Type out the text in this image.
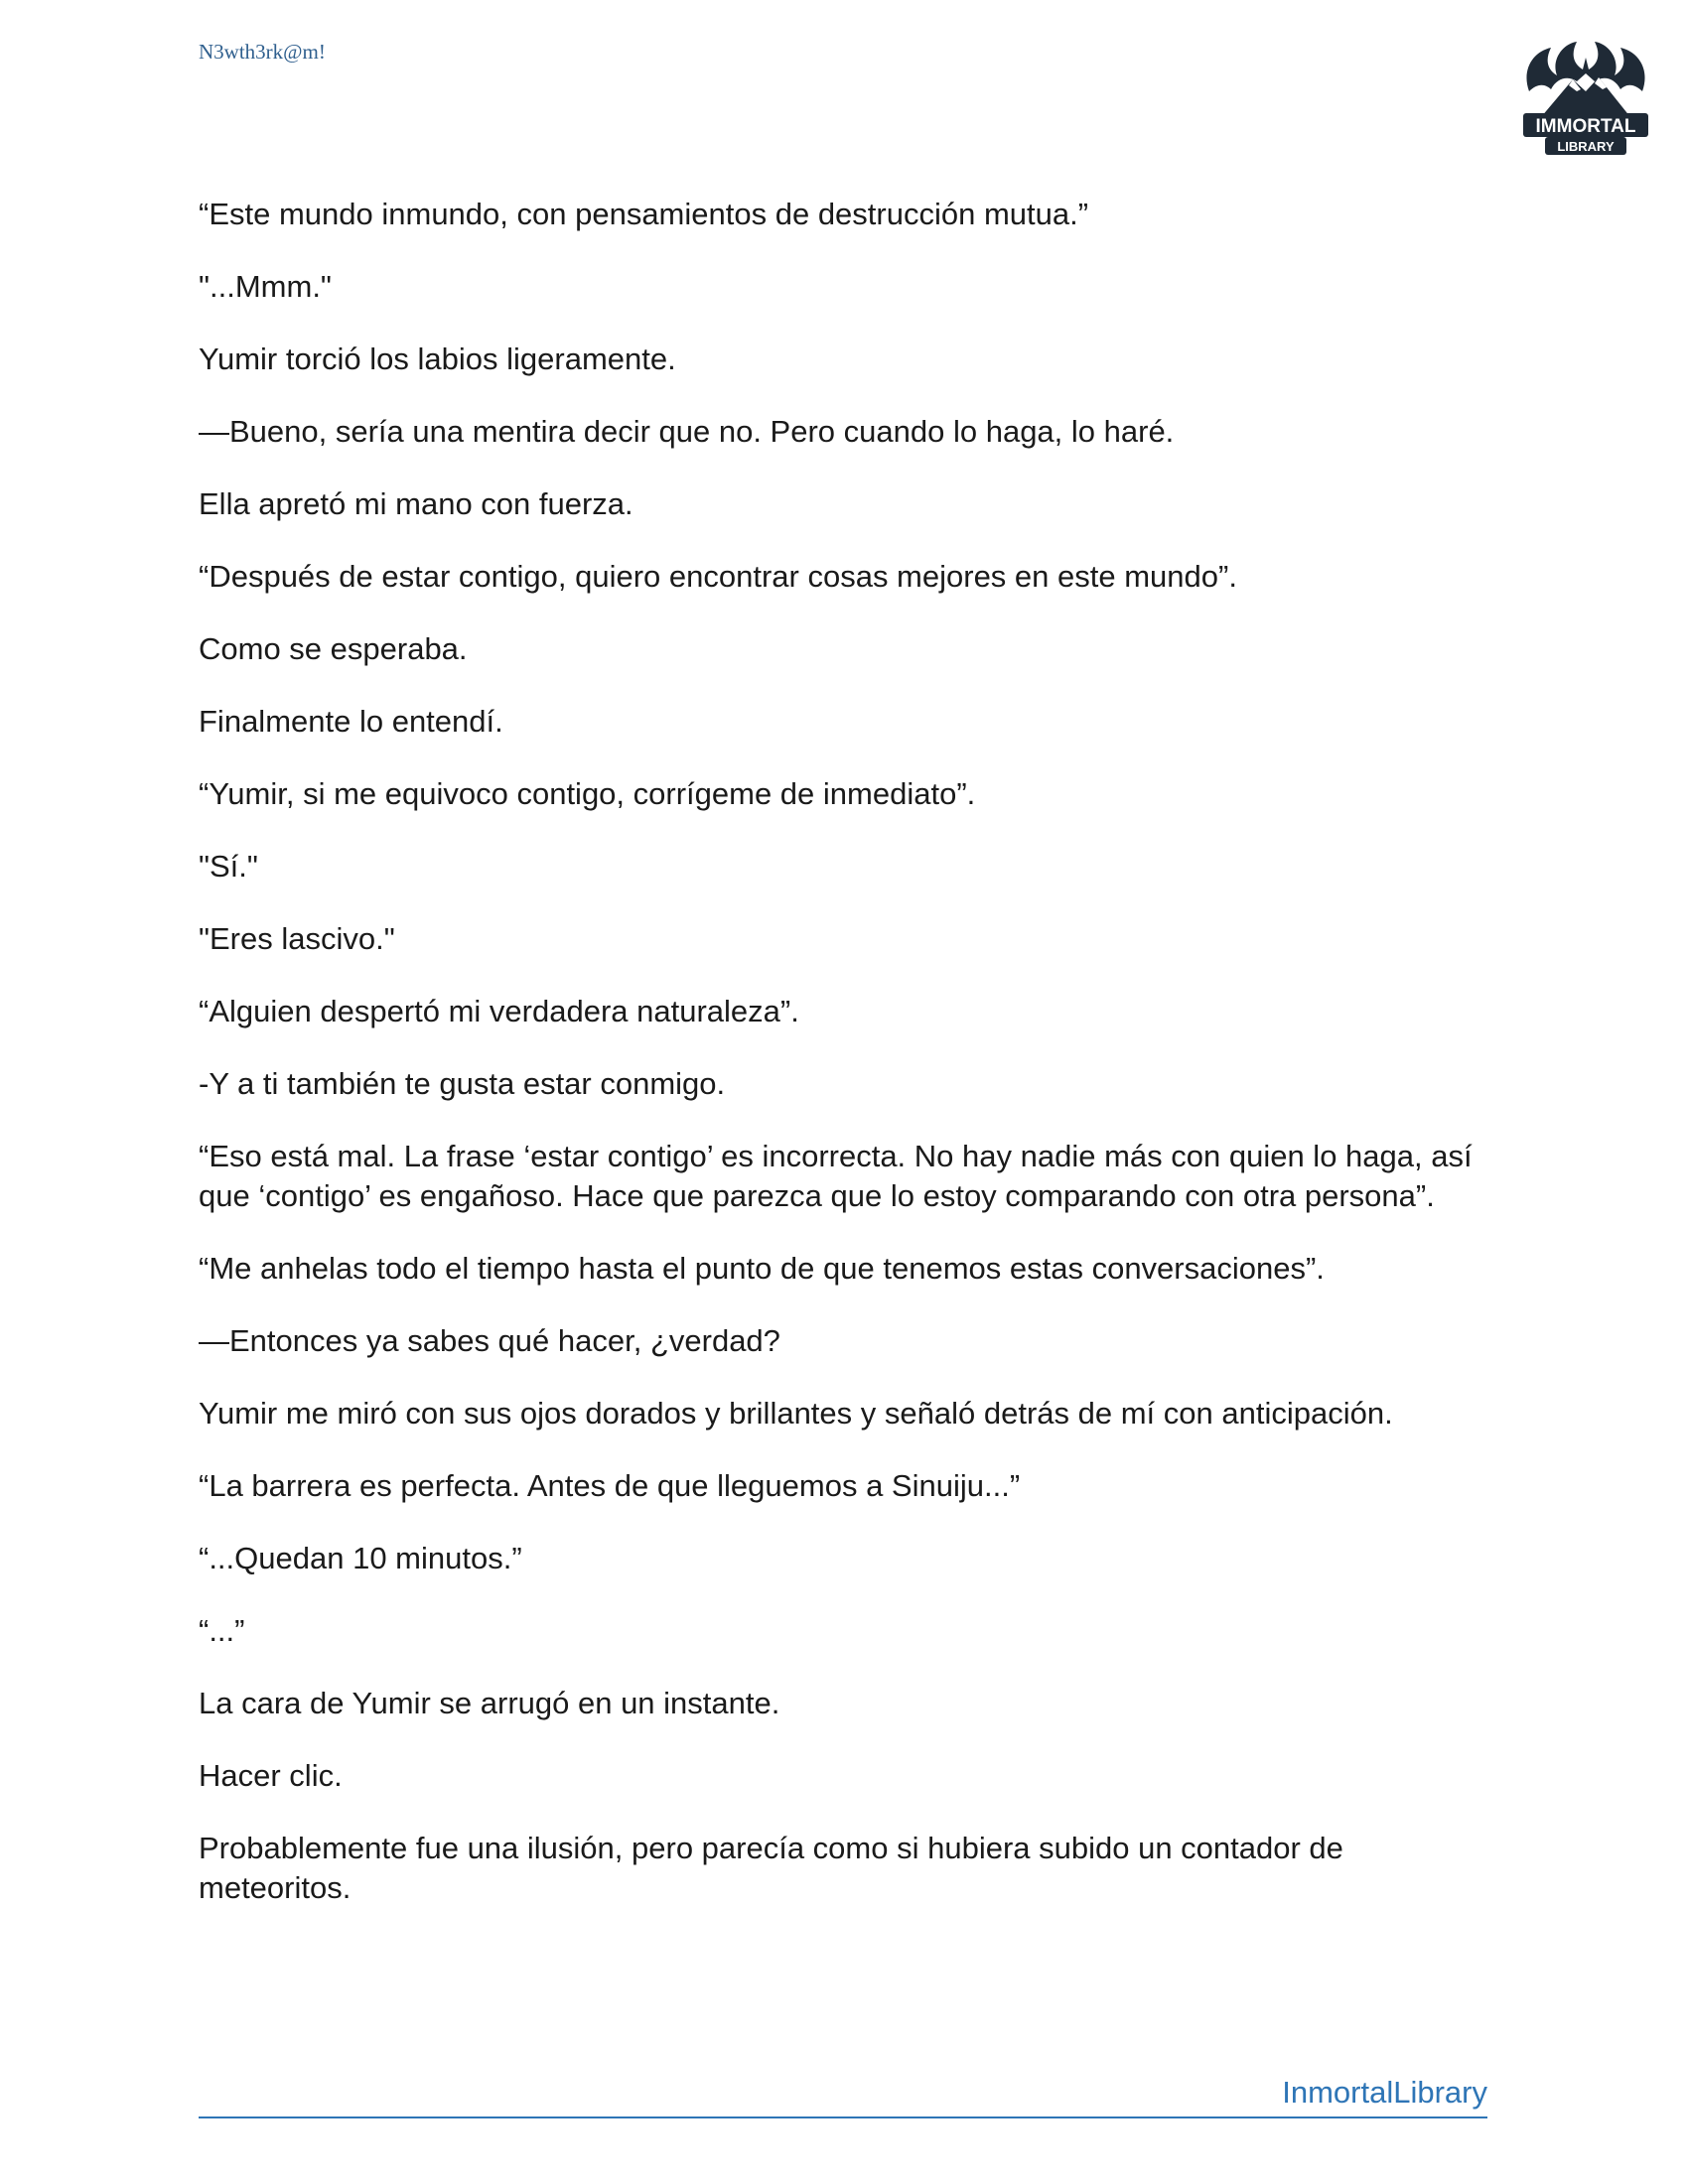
N3wth3rk@m!
IMMORTAL
LIBRARY

“Este mundo inmundo, con pensamientos de destrucción mutua.”

"...Mmm."

Yumir torció los labios ligeramente.

—Bueno, sería una mentira decir que no. Pero cuando lo haga, lo haré.

Ella apretó mi mano con fuerza.

“Después de estar contigo, quiero encontrar cosas mejores en este mundo”.

Como se esperaba.

Finalmente lo entendí.

“Yumir, si me equivoco contigo, corrígeme de inmediato”.

"Sí."

"Eres lascivo."

“Alguien despertó mi verdadera naturaleza”.

-Y a ti también te gusta estar conmigo.

“Eso está mal. La frase ‘estar contigo’ es incorrecta. No hay nadie más con quien lo haga, así que ‘contigo’ es engañoso. Hace que parezca que lo estoy comparando con otra persona”.

“Me anhelas todo el tiempo hasta el punto de que tenemos estas conversaciones”.

—Entonces ya sabes qué hacer, ¿verdad?

Yumir me miró con sus ojos dorados y brillantes y señaló detrás de mí con anticipación.

“La barrera es perfecta. Antes de que lleguemos a Sinuiju...”

“...Quedan 10 minutos.”

“...”

La cara de Yumir se arrugó en un instante.

Hacer clic.

Probablemente fue una ilusión, pero parecía como si hubiera subido un contador de meteoritos.

InmortalLibrary
